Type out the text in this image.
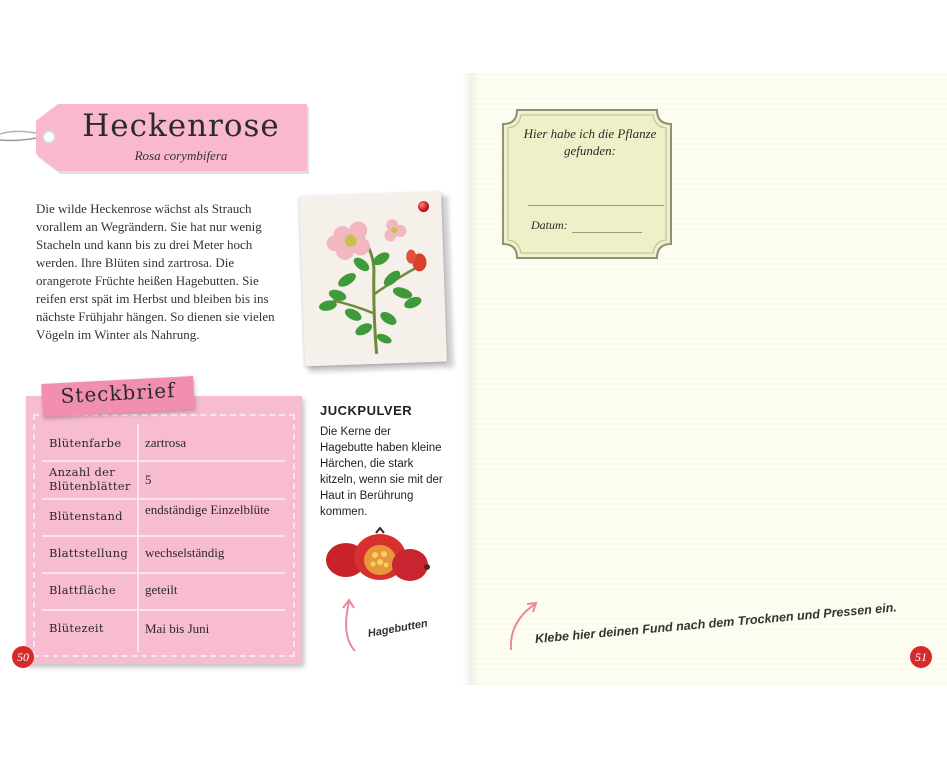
Heckenrose
Rosa corymbifera
Die wilde Heckenrose wächst als Strauch vorallem an Wegrändern. Sie hat nur wenig Stacheln und kann bis zu drei Meter hoch werden. Ihre Blüten sind zartrosa. Die orangerote Früchte heißen Hagebutten. Sie reifen erst spät im Herbst und bleiben bis ins nächste Frühjahr hängen. So dienen sie vielen Vögeln im Winter als Nahrung.
Steckbrief
Blütenfarbe	zartrosa
Anzahl der Blütenblätter	5
Blütenstand	endständige Einzelblüte
Blattstellung	wechselständig
Blattfläche	geteilt
Blütezeit	Mai bis Juni
JUCKPULVER
Die Kerne der Hagebutte haben kleine Härchen, die stark kitzeln, wenn sie mit der Haut in Berührung kommen.
Hagebutten
50
Hier habe ich die Pflanze gefunden:
Datum:
Klebe hier deinen Fund nach dem Trocknen und Pressen ein.
51
